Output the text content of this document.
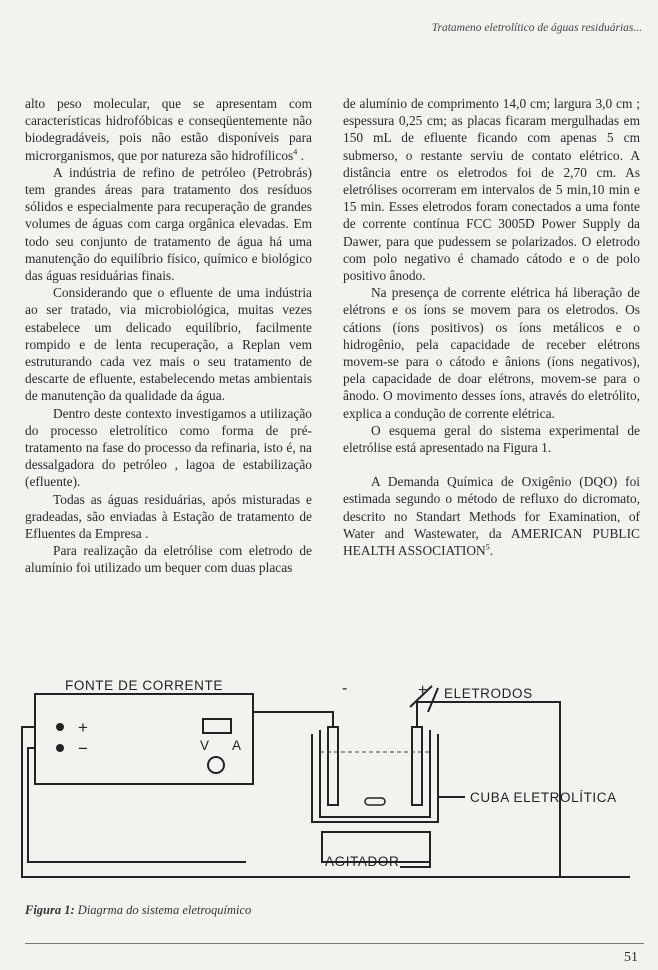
Tratameno eletrolítico de águas residuárias...

alto peso molecular, que se apresentam com características hidrofóbicas e conseqüentemente não biodegradáveis, pois não estão disponíveis para microrganismos, que por natureza são hidrofílicos$^4$ .

A indústria de refino de petróleo (Petrobrás) tem grandes áreas para tratamento dos resíduos sólidos e especialmente para recuperação de grandes volumes de águas com carga orgânica elevadas. Em todo seu conjunto de tratamento de água há uma manutenção do equilíbrio físico, químico e biológico das águas residuárias finais.

Considerando que o efluente de uma indústria ao ser tratado, via microbiológica, muitas vezes estabelece um delicado equilíbrio, facilmente rompido e de lenta recuperação, a Replan vem estruturando cada vez mais o seu tratamento de descarte de efluente, estabelecendo metas ambientais de manutenção da qualidade da água.

Dentro deste contexto investigamos a utilização do processo eletrolítico como forma de pré-tratamento na fase do processo da refinaria, isto é, na dessalgadora do petróleo , lagoa de estabilização (efluente).

Todas as águas residuárias, após misturadas e gradeadas, são enviadas à Estação de tratamento de Efluentes da Empresa .

Para realização da eletrólise com eletrodo de alumínio foi utilizado um bequer com duas placas

de alumínio de comprimento 14,0 cm; largura 3,0 cm ; espessura 0,25 cm; as placas ficaram mergulhadas em 150 mL de efluente ficando com apenas 5 cm submerso, o restante serviu de contato elétrico. A distância entre os eletrodos foi de 2,70 cm. As eletrólises ocorreram em intervalos de 5 min,10 min e 15 min. Esses eletrodos foram conectados a uma fonte de corrente contínua FCC 3005D Power Supply da Dawer, para que pudessem se polarizados. O eletrodo com polo negativo é chamado cátodo e o de polo positivo ânodo.

Na presença de corrente elétrica há liberação de elétrons e os íons se movem para os eletrodos. Os cátions (íons positivos) os íons metálicos e o hidrogênio, pela capacidade de receber elétrons movem-se para o cátodo e ânions (íons negativos), pela capacidade de doar elétrons, movem-se para o ânodo. O movimento desses íons, através do eletrólito, explica a condução de corrente elétrica.

O esquema geral do sistema experimental de eletrólise está apresentado na Figura 1.

A Demanda Química de Oxigênio (DQO) foi estimada segundo o método de refluxo do dicromato, descrito no Standart Methods for Examination, of Water and Wastewater, da AMERICAN PUBLIC HEALTH ASSOCIATION$^5$.

FONTE DE CORRENTE
+
−	V A
-	+ ELETRODOS
CUBA ELETROLÍTICA
AGITADOR
Figura 1: Diagrma do sistema eletroquímico
51
